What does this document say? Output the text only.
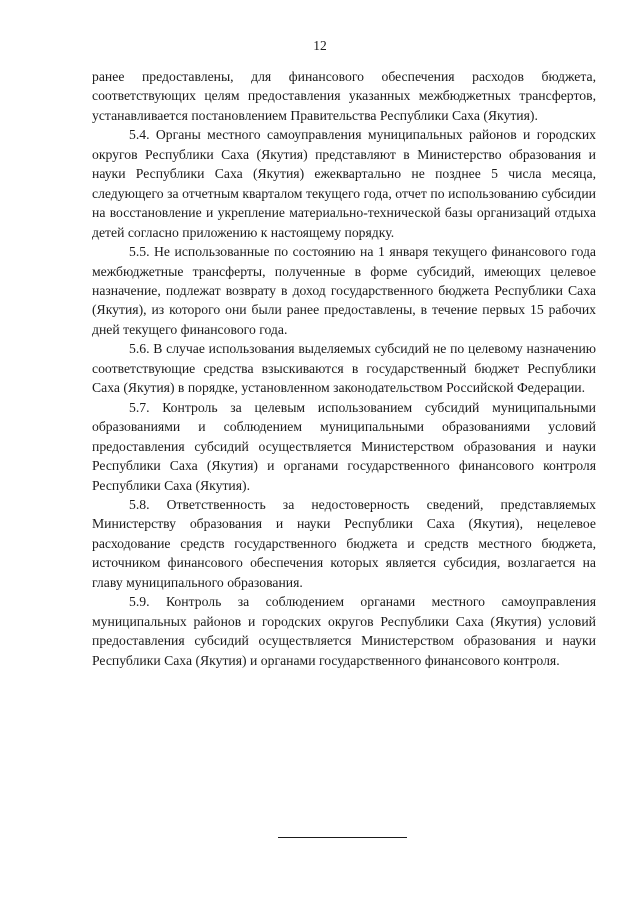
12

ранее предоставлены, для финансового обеспечения расходов бюджета, соответствующих целям предоставления указанных межбюджетных трансфертов, устанавливается постановлением Правительства Республики Саха (Якутия).

5.4. Органы местного самоуправления муниципальных районов и городских округов Республики Саха (Якутия) представляют в Министерство образования и науки Республики Саха (Якутия) ежеквартально не позднее 5 числа месяца, следующего за отчетным кварталом текущего года, отчет по использованию субсидии на восстановление и укрепление материально-технической базы организаций отдыха детей согласно приложению к настоящему порядку.

5.5. Не использованные по состоянию на 1 января текущего финансового года межбюджетные трансферты, полученные в форме субсидий, имеющих целевое назначение, подлежат возврату в доход государственного бюджета Республики Саха (Якутия), из которого они были ранее предоставлены, в течение первых 15 рабочих дней текущего финансового года.

5.6. В случае использования выделяемых субсидий не по целевому назначению соответствующие средства взыскиваются в государственный бюджет Республики Саха (Якутия) в порядке, установленном законодательством Российской Федерации.

5.7. Контроль за целевым использованием субсидий муниципальными образованиями и соблюдением муниципальными образованиями условий предоставления субсидий осуществляется Министерством образования и науки Республики Саха (Якутия) и органами государственного финансового контроля Республики Саха (Якутия).

5.8. Ответственность за недостоверность сведений, представляемых Министерству образования и науки Республики Саха (Якутия), нецелевое расходование средств государственного бюджета и средств местного бюджета, источником финансового обеспечения которых является субсидия, возлагается на главу муниципального образования.

5.9. Контроль за соблюдением органами местного самоуправления муниципальных районов и городских округов Республики Саха (Якутия) условий предоставления субсидий осуществляется Министерством образования и науки Республики Саха (Якутия) и органами государственного финансового контроля.
